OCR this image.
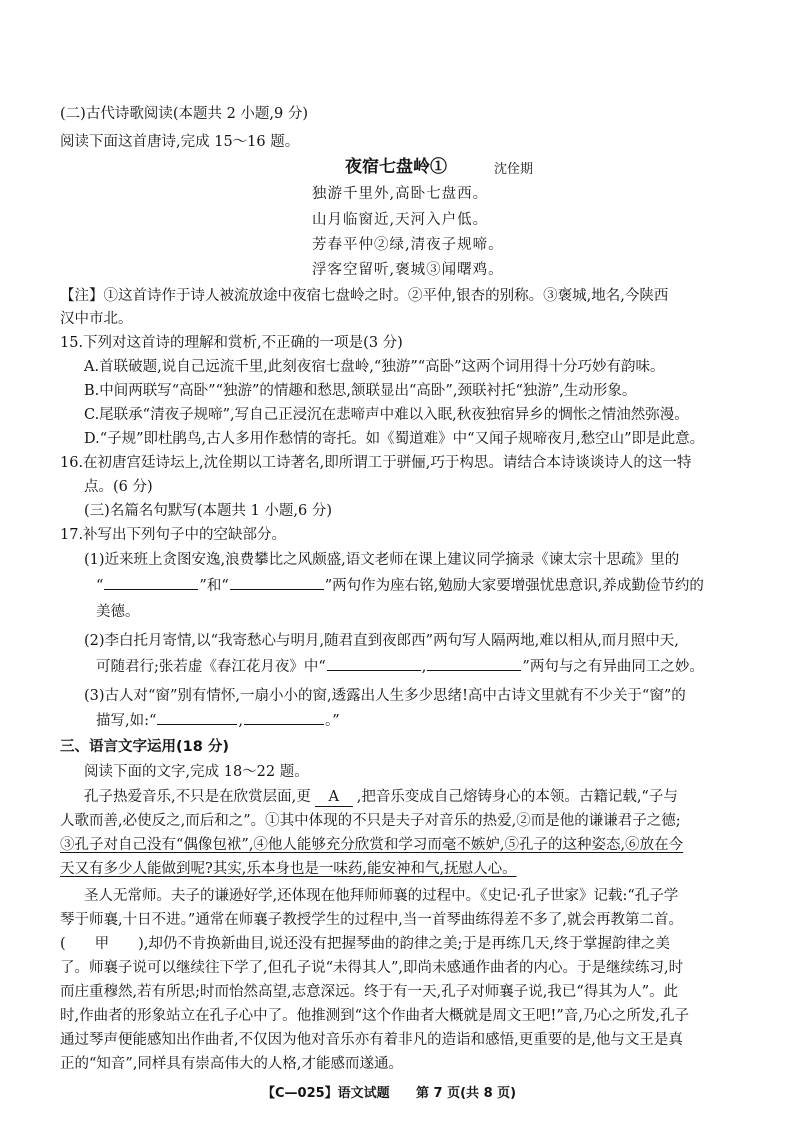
(二)古代诗歌阅读(本题共 2 小题,9 分)
阅读下面这首唐诗,完成 15～16 题。
夜宿七盘岭①	沈佺期
独游千里外,高卧七盘西。
山月临窗近,天河入户低。
芳春平仲②绿,清夜子规啼。
浮客空留听,褒城③闻曙鸡。
【注】①这首诗作于诗人被流放途中夜宿七盘岭之时。②平仲,银杏的别称。③褒城,地名,今陕西
汉中市北。
15.下列对这首诗的理解和赏析,不正确的一项是(3 分)
A.首联破题,说自己远流千里,此刻夜宿七盘岭,“独游”“高卧”这两个词用得十分巧妙有韵味。
B.中间两联写“高卧”“独游”的情趣和愁思,颔联显出“高卧”,颈联衬托“独游”,生动形象。
C.尾联承“清夜子规啼”,写自己正浸沉在悲啼声中难以入眠,秋夜独宿异乡的惆怅之情油然弥漫。
D.“子规”即杜鹃鸟,古人多用作愁情的寄托。如《蜀道难》中“又闻子规啼夜月,愁空山”即是此意。
16.在初唐宫廷诗坛上,沈佺期以工诗著名,即所谓工于骈俪,巧于构思。请结合本诗谈谈诗人的这一特
点。(6 分)
(三)名篇名句默写(本题共 1 小题,6 分)
17.补写出下列句子中的空缺部分。
(1)近来班上贪图安逸,浪费攀比之风颇盛,语文老师在课上建议同学摘录《谏太宗十思疏》里的
“	”和“	”两句作为座右铭,勉励大家要增强忧患意识,养成勤俭节约的
美德。
(2)李白托月寄情,以“我寄愁心与明月,随君直到夜郎西”两句写人隔两地,难以相从,而月照中天,
可随君行;张若虚《春江花月夜》中“	,	”两句与之有异曲同工之妙。
(3)古人对“窗”别有情怀,一扇小小的窗,透露出人生多少思绪!高中古诗文里就有不少关于“窗”的
描写,如:“	,	。”
三、语言文字运用(18 分)
阅读下面的文字,完成 18～22 题。
孔子热爱音乐,不只是在欣赏层面,更 A ,把音乐变成自己熔铸身心的本领。古籍记载,“子与
人歌而善,必使反之,而后和之”。①其中体现的不只是夫子对音乐的热爱,②而是他的谦谦君子之德;
③孔子对自己没有“偶像包袱”,④他人能够充分欣赏和学习而毫不嫉妒,⑤孔子的这种姿态,⑥放在今
天又有多少人能做到呢?其实,乐本身也是一味药,能安神和气,抚慰人心。
圣人无常师。夫子的谦逊好学,还体现在他拜师师襄的过程中。《史记·孔子世家》记载:“孔子学
琴于师襄,十日不进。”通常在师襄子教授学生的过程中,当一首琴曲练得差不多了,就会再教第二首。
(　　甲　　),却仍不肯换新曲目,说还没有把握琴曲的韵律之美;于是再练几天,终于掌握韵律之美
了。师襄子说可以继续往下学了,但孔子说“未得其人”,即尚未感通作曲者的内心。于是继续练习,时
而庄重穆然,若有所思;时而怡然高望,志意深远。终于有一天,孔子对师襄子说,我已“得其为人”。此
时,作曲者的形象站立在孔子心中了。他推测到“这个作曲者大概就是周文王吧!”音,乃心之所发,孔子
通过琴声便能感知出作曲者,不仅因为他对音乐亦有着非凡的造诣和感悟,更重要的是,他与文王是真
正的“知音”,同样具有崇高伟大的人格,才能感而遂通。
【C—025】语文试题 第 7 页(共 8 页)
